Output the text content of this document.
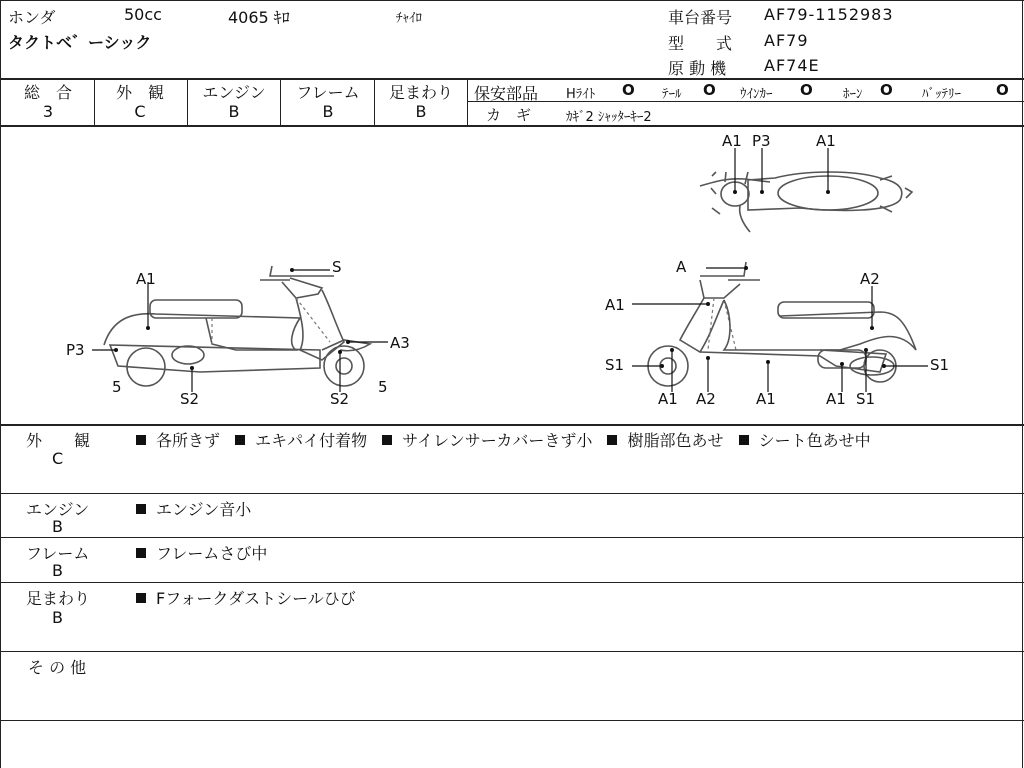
ホンダ	50cc	4065 ｷﾛ	ﾁｬｲﾛ
タクトベ゛ーシック
車台番号 AF79-1152983
型　　式 AF79
原 動 機 AF74E
総　合
3
外　観
C
エンジン
B
フレーム
B
足まわり
B
保安部品 Hﾗｲﾄ O ﾃｰﾙ O ｳｲﾝｶｰ O ﾎｰﾝ O ﾊﾞｯﾃﾘｰ O
カ　ギ	ｶｷﾞ2 ｼｬｯﾀｰｷｰ2
A1 P3	A1
A1
S
P3	A3
5
S2	S2
5
A
A2
A1
S1	S1
A1 A2	A1	A1 S1
外　　観
C
各所きず エキパイ付着物 サイレンサーカバーきず小 樹脂部色あせ シート色あせ中
エンジン
B
エンジン音小
フレーム
B
フレームさび中
足まわり
B
Fフォークダストシールひび
そ の 他
